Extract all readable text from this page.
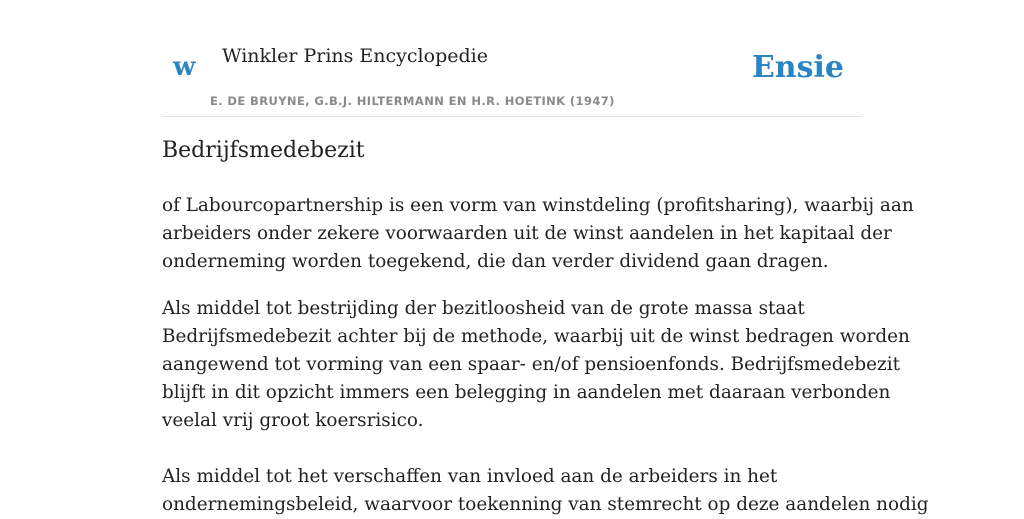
w Winkler Prins Encyclopedie
E. DE BRUYNE, G.B.J. HILTERMANN EN H.R. HOETINK (1947)
Ensie
Bedrijfsmedebezit

of Labourcopartnership is een vorm van winstdeling (profitsharing), waarbij aan
arbeiders onder zekere voorwaarden uit de winst aandelen in het kapitaal der
onderneming worden toegekend, die dan verder dividend gaan dragen.

Als middel tot bestrijding der bezitloosheid van de grote massa staat
Bedrijfsmedebezit achter bij de methode, waarbij uit de winst bedragen worden
aangewend tot vorming van een spaar- en/of pensioenfonds. Bedrijfsmedebezit
blijft in dit opzicht immers een belegging in aandelen met daaraan verbonden
veelal vrij groot koersrisico.

Als middel tot het verschaffen van invloed aan de arbeiders in het
ondernemingsbeleid, waarvoor toekenning van stemrecht op deze aandelen nodig
